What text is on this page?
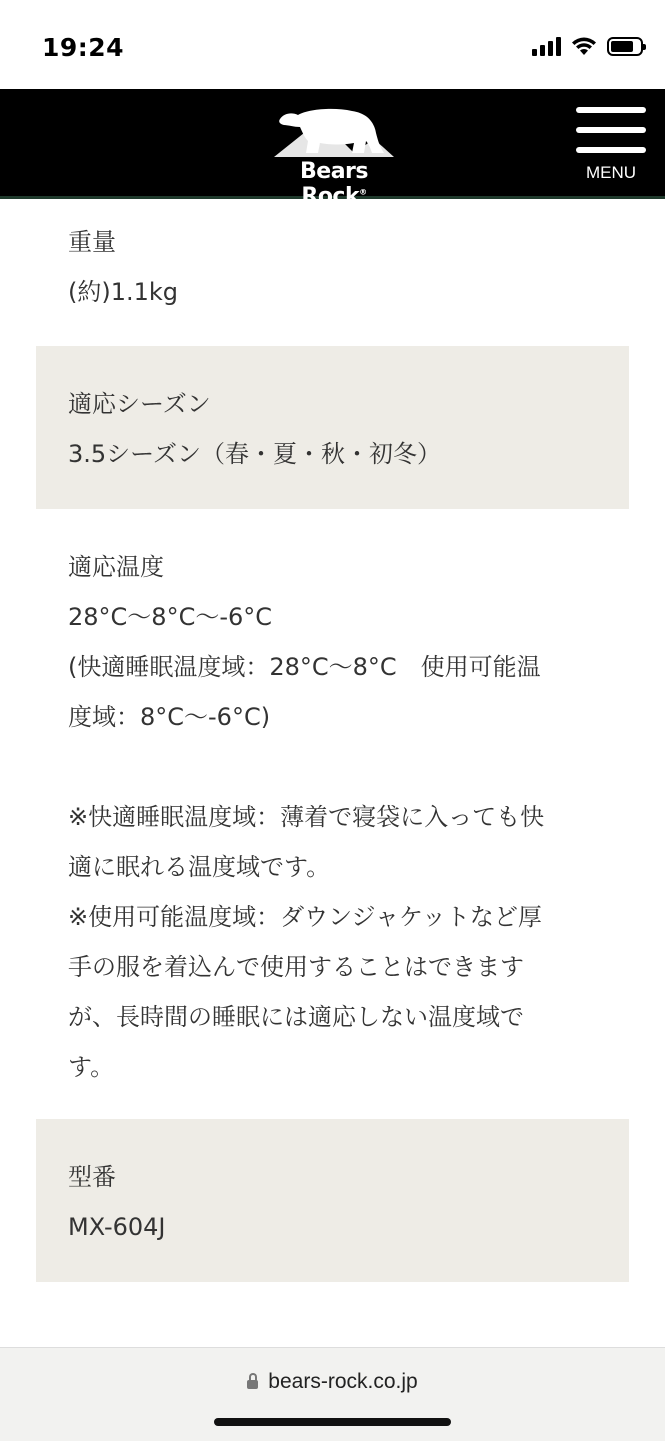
19:24
Bears Rock®
MENU

重量

(約)1.1kg

適応シーズン

3.5シーズン（春・夏・秋・初冬）

適応温度

28°C〜8°C〜-6°C

(快適睡眠温度域：28°C〜8°C　使用可能温

度域：8°C〜-6°C)

※快適睡眠温度域：薄着で寝袋に入っても快

適に眠れる温度域です。

※使用可能温度域：ダウンジャケットなど厚

手の服を着込んで使用することはできます

が、長時間の睡眠には適応しない温度域で

す。

型番

MX-604J

bears-rock.co.jp
